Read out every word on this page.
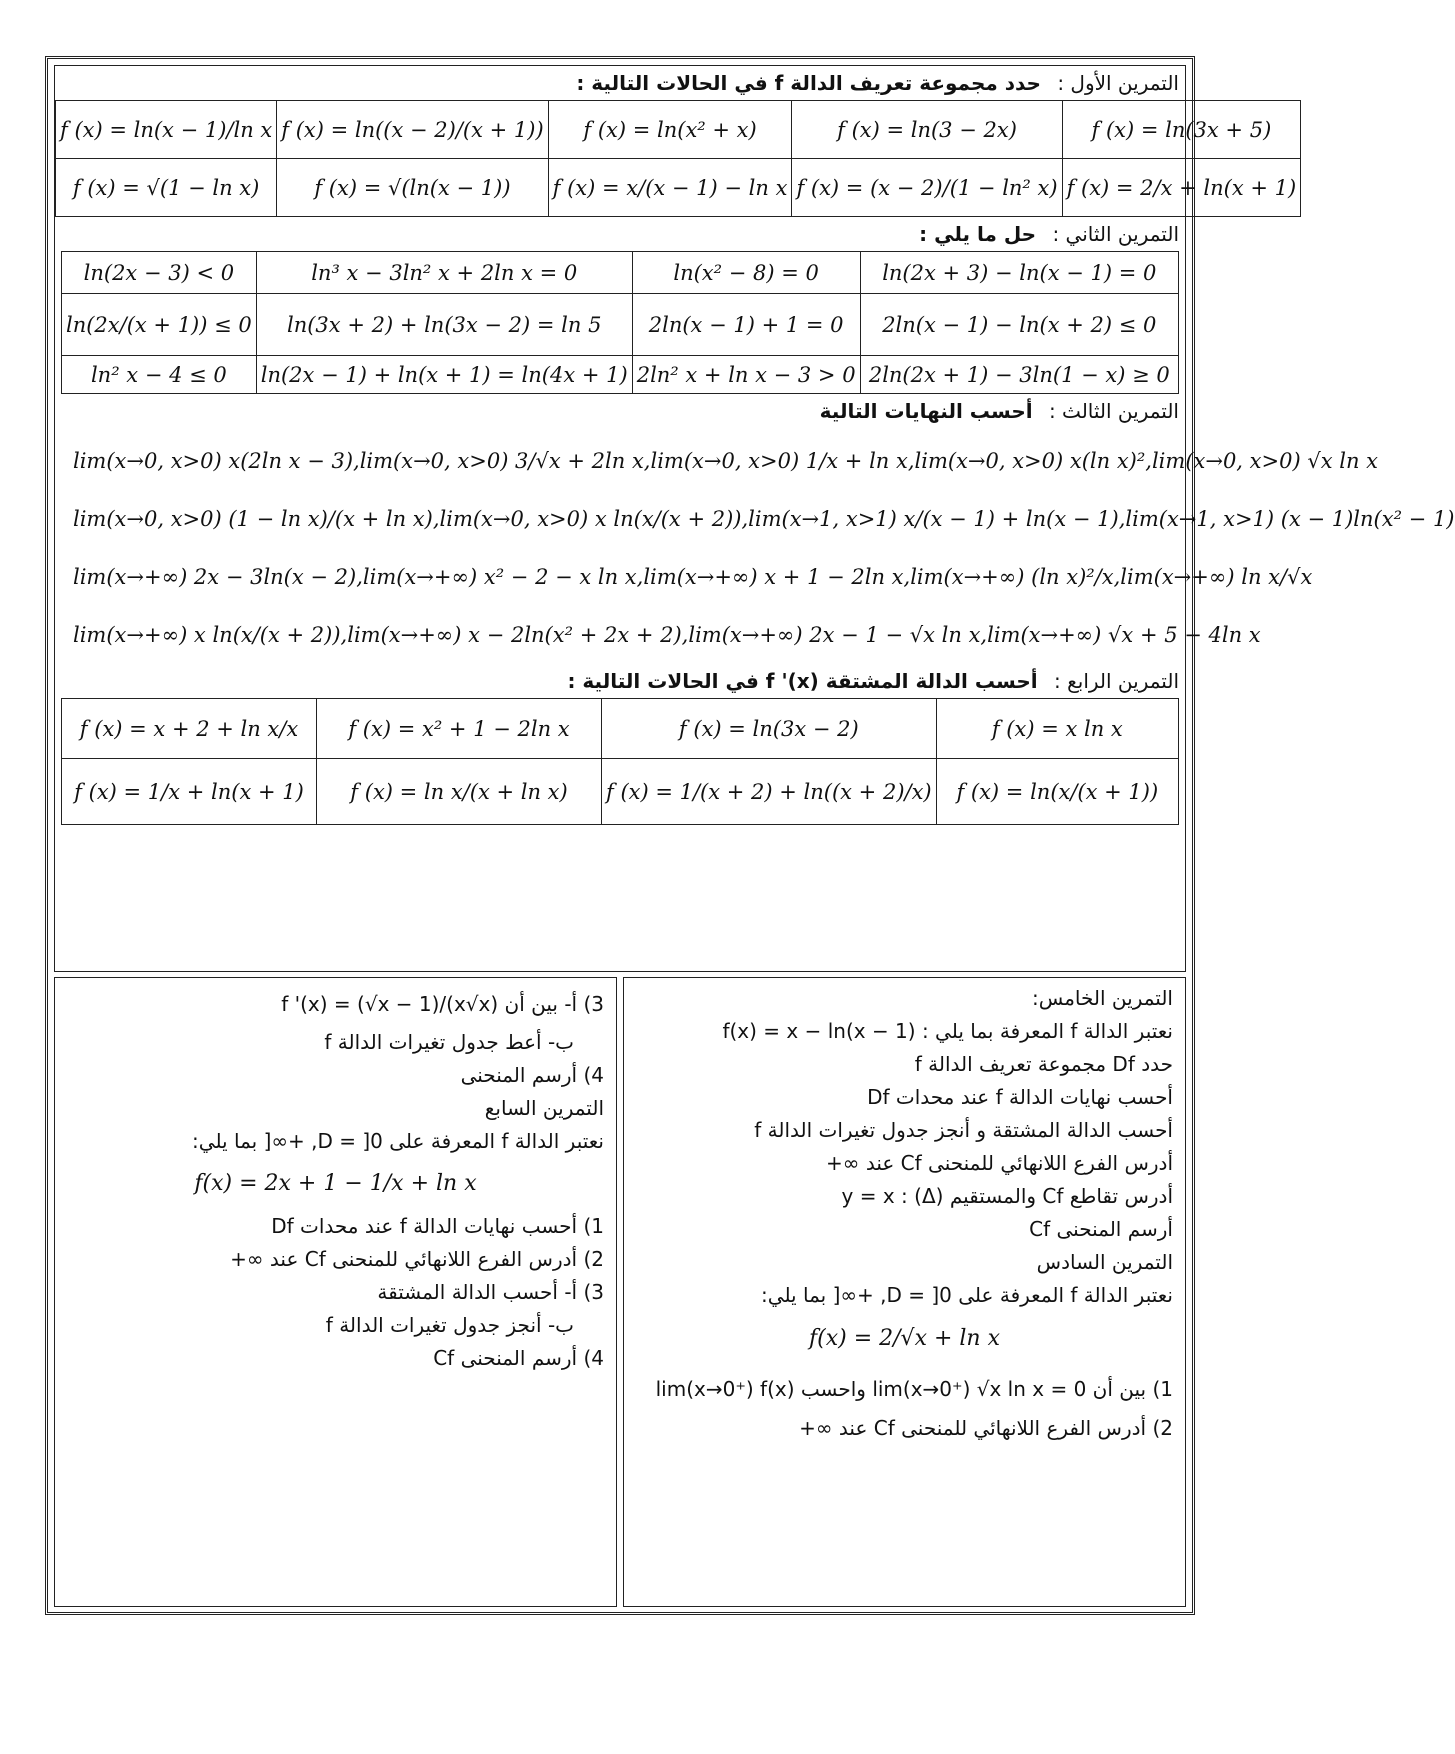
التمرين الأول : حدد مجموعة تعريف الدالة f في الحالات التالية :
f (x) = ln(x − 1)/ln x	f (x) = ln((x − 2)/(x + 1))	f (x) = ln(x² + x)	f (x) = ln(3 − 2x)	f (x) = ln(3x + 5)
f (x) = √(1 − ln x)	f (x) = √(ln(x − 1))	f (x) = x/(x − 1) − ln x	f (x) = (x − 2)/(1 − ln² x)	f (x) = 2/x + ln(x + 1)
التمرين الثاني : حل ما يلي :
ln(2x − 3) < 0	ln³ x − 3ln² x + 2ln x = 0	ln(x² − 8) = 0	ln(2x + 3) − ln(x − 1) = 0
ln(2x/(x + 1)) ≤ 0	ln(3x + 2) + ln(3x − 2) = ln 5	2ln(x − 1) + 1 = 0	2ln(x − 1) − ln(x + 2) ≤ 0
ln² x − 4 ≤ 0	ln(2x − 1) + ln(x + 1) = ln(4x + 1)	2ln² x + ln x − 3 > 0	2ln(2x + 1) − 3ln(1 − x) ≥ 0
التمرين الثالث : أحسب النهايات التالية
lim(x→0, x>0) x(2ln x − 3) , lim(x→0, x>0) 3/√x + 2ln x , lim(x→0, x>0) 1/x + ln x , lim(x→0, x>0) x(ln x)² , lim(x→0, x>0) √x ln x
lim(x→0, x>0) (1 − ln x)/(x + ln x) , lim(x→0, x>0) x ln(x/(x + 2)) , lim(x→1, x>1) x/(x − 1) + ln(x − 1) , lim(x→1, x>1) (x − 1)ln(x² − 1)
lim(x→+∞) 2x − 3ln(x − 2) , lim(x→+∞) x² − 2 − x ln x , lim(x→+∞) x + 1 − 2ln x , lim(x→+∞) (ln x)²/x , lim(x→+∞) ln x/√x
lim(x→+∞) x ln(x/(x + 2)) , lim(x→+∞) x − 2ln(x² + 2x + 2) , lim(x→+∞) 2x − 1 − √x ln x , lim(x→+∞) √x + 5 − 4ln x
التمرين الرابع : أحسب الدالة المشتقة f '(x) في الحالات التالية :
f (x) = x + 2 + ln x/x	f (x) = x² + 1 − 2ln x	f (x) = ln(3x − 2)	f (x) = x ln x
f (x) = 1/x + ln(x + 1)	f (x) = ln x/(x + ln x)	f (x) = 1/(x + 2) + ln((x + 2)/x)	f (x) = ln(x/(x + 1))

التمرين الخامس:

نعتبر الدالة f المعرفة بما يلي : f(x) = x − ln(x − 1)

حدد Df مجموعة تعريف الدالة f

أحسب نهايات الدالة f عند محدات Df

أحسب الدالة المشتقة و أنجز جدول تغيرات الدالة f

أدرس الفرع اللانهائي للمنحنى Cf عند ∞+

أدرس تقاطع Cf والمستقيم (Δ) : y = x

أرسم المنحنى Cf

التمرين السادس

نعتبر الدالة f المعرفة على D = ]0, +∞[ بما يلي:

f(x) = 2/√x + ln x

1) بين أن lim(x→0⁺) √x ln x = 0 واحسب lim(x→0⁺) f(x)

2) أدرس الفرع اللانهائي للمنحنى Cf عند ∞+

3) أ- بين أن f '(x) = (√x − 1)/(x√x)

ب- أعط جدول تغيرات الدالة f

4) أرسم المنحنى

التمرين السابع

نعتبر الدالة f المعرفة على D = ]0, +∞[ بما يلي:

f(x) = 2x + 1 − 1/x + ln x

1) أحسب نهايات الدالة f عند محدات Df

2) أدرس الفرع اللانهائي للمنحنى Cf عند ∞+

3) أ- أحسب الدالة المشتقة

ب- أنجز جدول تغيرات الدالة f

4) أرسم المنحنى Cf
